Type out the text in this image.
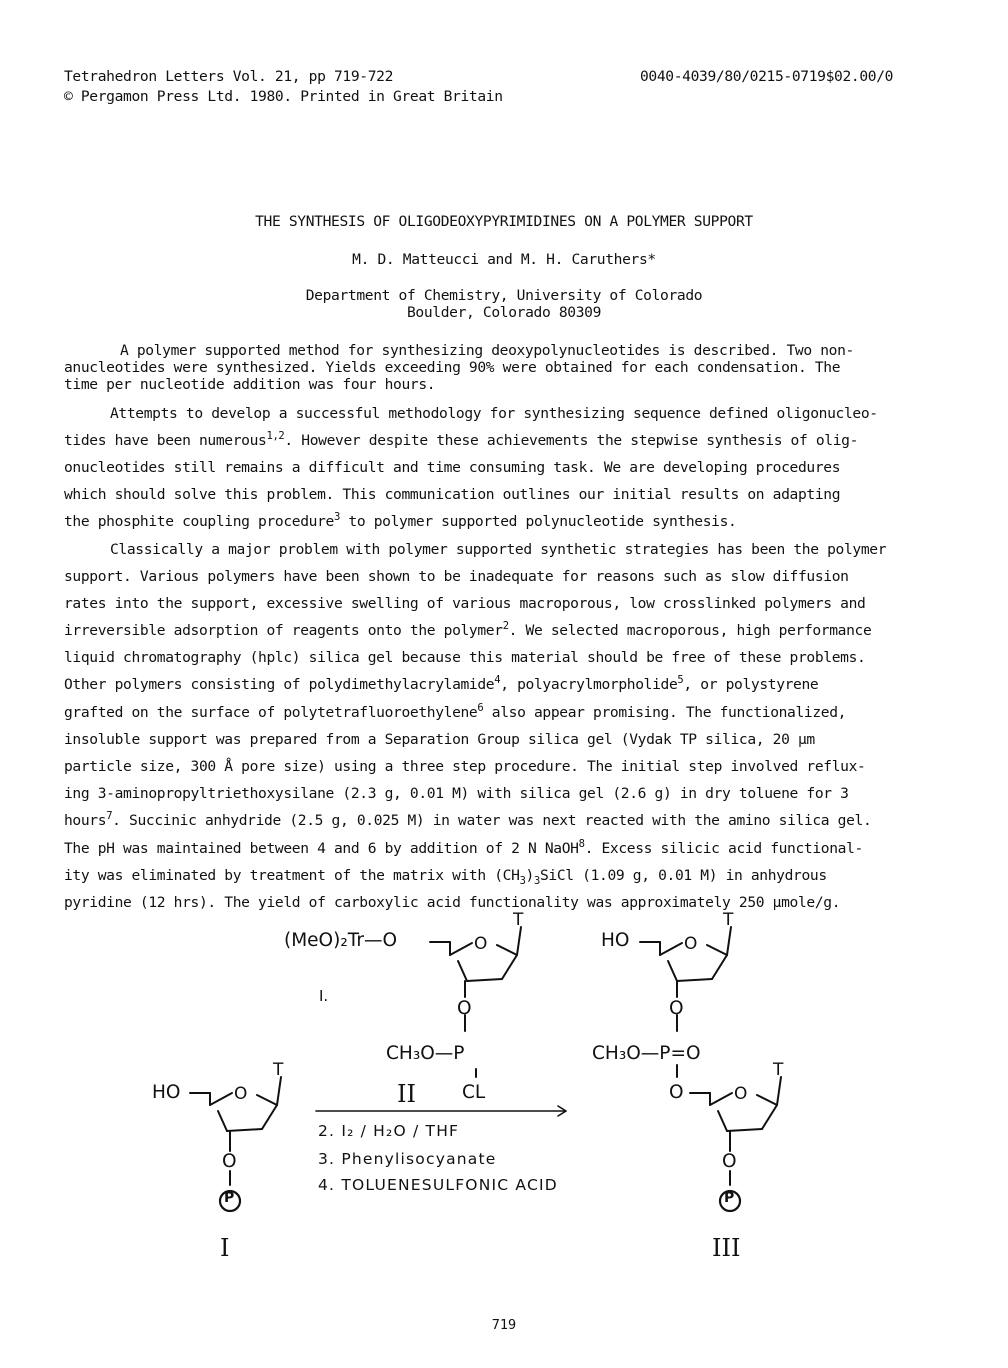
Tetrahedron Letters Vol. 21, pp 719-722
© Pergamon Press Ltd. 1980. Printed in Great Britain
0040-4039/80/0215-0719$02.00/0
THE SYNTHESIS OF OLIGODEOXYPYRIMIDINES ON A POLYMER SUPPORT
M. D. Matteucci and M. H. Caruthers*
Department of Chemistry, University of Colorado
Boulder, Colorado 80309
A polymer supported method for synthesizing deoxypolynucleotides is described. Two non-
anucleotides were synthesized. Yields exceeding 90% were obtained for each condensation. The
time per nucleotide addition was four hours.
Attempts to develop a successful methodology for synthesizing sequence defined oligonucleo-
tides have been numerous$^{1,2}$. However despite these achievements the stepwise synthesis of olig-
onucleotides still remains a difficult and time consuming task. We are developing procedures
which should solve this problem. This communication outlines our initial results on adapting
the phosphite coupling procedure$^3$ to polymer supported polynucleotide synthesis.
Classically a major problem with polymer supported synthetic strategies has been the polymer
support. Various polymers have been shown to be inadequate for reasons such as slow diffusion
rates into the support, excessive swelling of various macroporous, low crosslinked polymers and
irreversible adsorption of reagents onto the polymer$^2$. We selected macroporous, high performance
liquid chromatography (hplc) silica gel because this material should be free of these problems.
Other polymers consisting of polydimethylacrylamide$^4$, polyacrylmorpholide$^5$, or polystyrene
grafted on the surface of polytetrafluoroethylene$^6$ also appear promising. The functionalized,
insoluble support was prepared from a Separation Group silica gel (Vydak TP silica, 20 µm
particle size, 300 Å pore size) using a three step procedure. The initial step involved reflux-
ing 3-aminopropyltriethoxysilane (2.3 g, 0.01 M) with silica gel (2.6 g) in dry toluene for 3
hours$^7$. Succinic anhydride (2.5 g, 0.025 M) in water was next reacted with the amino silica gel.
The pH was maintained between 4 and 6 by addition of 2 N NaOH$^8$. Excess silicic acid functional-
ity was eliminated by treatment of the matrix with $(CH_3)_3SiCl$ (1.09 g, 0.01 M) in anhydrous
pyridine (12 hrs). The yield of carboxylic acid functionality was approximately 250 µmole/g.
(MeO)₂Tr—O	O
T
I.
O
CH₃O—P
CL
II
HO	O
T
O
P
I
2. I₂ / H₂O / THF
3. Phenylisocyanate
4. TOLUENESULFONIC ACID
HO	O
T
O
CH₃O—P=O
O	O
T
O
P
III
719
